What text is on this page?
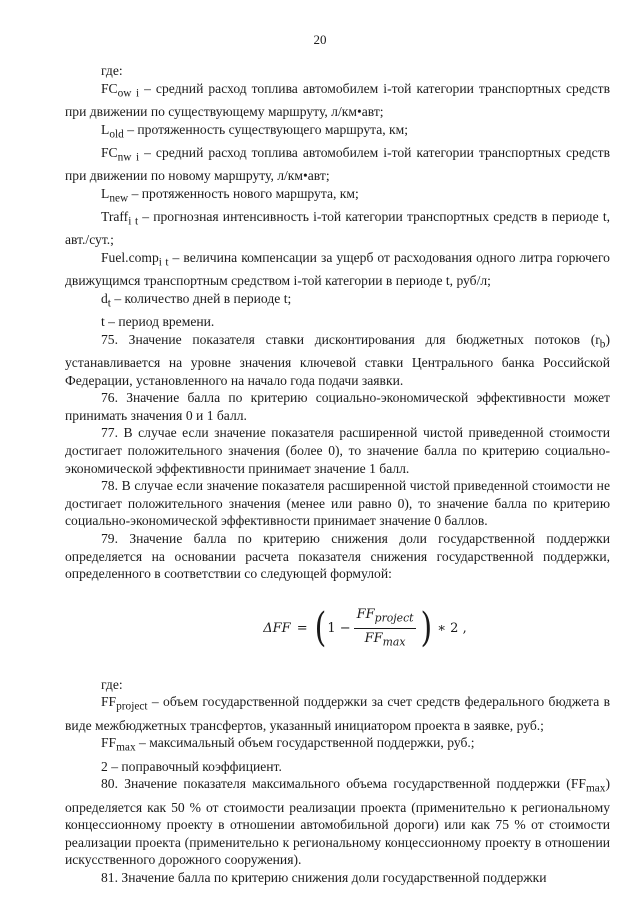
20

где:

$FC_{ow i}$ – средний расход топлива автомобилем i-той категории транспортных средств при движении по существующему маршруту, л/км•авт;

$L_{old}$ – протяженность существующего маршрута, км;

$FC_{nw i}$ – средний расход топлива автомобилем i-той категории транспортных средств при движении по новому маршруту, л/км•авт;

$L_{new}$ – протяженность нового маршрута, км;

Traff$_{i t}$ – прогнозная интенсивность i-той категории транспортных средств в периоде t, авт./сут.;

Fuel.comp$_{i t}$ – величина компенсации за ущерб от расходования одного литра горючего движущимся транспортным средством i-той категории в периоде t, руб/л;

$d_t$ – количество дней в периоде t;

t – период времени.

75. Значение показателя ставки дисконтирования для бюджетных потоков $(r_b)$ устанавливается на уровне значения ключевой ставки Центрального банка Российской Федерации, установленного на начало года подачи заявки.

76. Значение балла по критерию социально-экономической эффективности может принимать значения 0 и 1 балл.

77. В случае если значение показателя расширенной чистой приведенной стоимости достигает положительного значения (более 0), то значение балла по критерию социально-экономической эффективности принимает значение 1 балл.

78. В случае если значение показателя расширенной чистой приведенной стоимости не достигает положительного значения (менее или равно 0), то значение балла по критерию социально-экономической эффективности принимает значение 0 баллов.

79. Значение балла по критерию снижения доли государственной поддержки определяется на основании расчета показателя снижения государственной поддержки, определенного в соответствии со следующей формулой:

ΔFF = ( $1 - \frac{FF_{project}}{FF_{max}}$ ) ∗ 2 ,

где:

$FF_{project}$ – объем государственной поддержки за счет средств федерального бюджета в виде межбюджетных трансфертов, указанный инициатором проекта в заявке, руб.;

$FF_{max}$ – максимальный объем государственной поддержки, руб.;

2 – поправочный коэффициент.

80. Значение показателя максимального объема государственной поддержки $(FF_{max})$ определяется как 50 % от стоимости реализации проекта (применительно к региональному концессионному проекту в отношении автомобильной дороги) или как 75 % от стоимости реализации проекта (применительно к региональному концессионному проекту в отношении искусственного дорожного сооружения).

81. Значение балла по критерию снижения доли государственной поддержки
